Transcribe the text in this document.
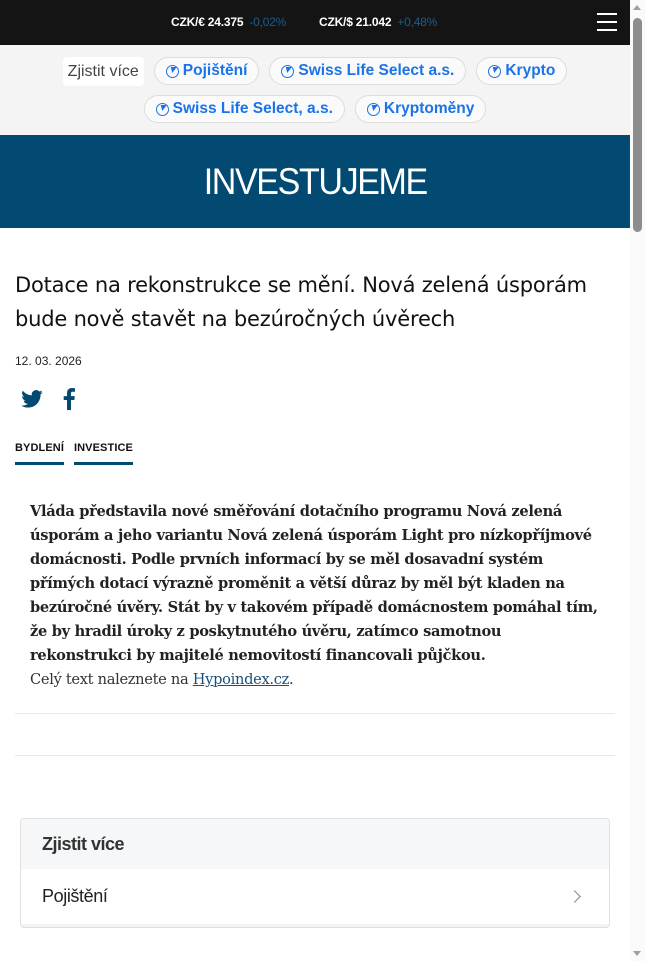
CZK/€ 24.375 -0,02%	CZK/$ 21.042 +0,48%
Zjistit více	Pojištění	Swiss Life Select a.s.	Krypto
Swiss Life Select, a.s.	Kryptoměny
INVESTUJEME
Dotace na rekonstrukce se mění. Nová zelená úsporám bude nově stavět na bezúročných úvěrech
12. 03. 2026
BYDLENÍ INVESTICE
Vláda představila nové směřování dotačního programu Nová zelená úsporám a jeho variantu Nová zelená úsporám Light pro nízkopříjmové domácnosti. Podle prvních informací by se měl dosavadní systém přímých dotací výrazně proměnit a větší důraz by měl být kladen na bezúročné úvěry. Stát by v takovém případě domácnostem pomáhal tím, že by hradil úroky z poskytnutého úvěru, zatímco samotnou rekonstrukci by majitelé nemovitostí financovali půjčkou.
Celý text naleznete na Hypoindex.cz.
Zjistit více
Pojištění
